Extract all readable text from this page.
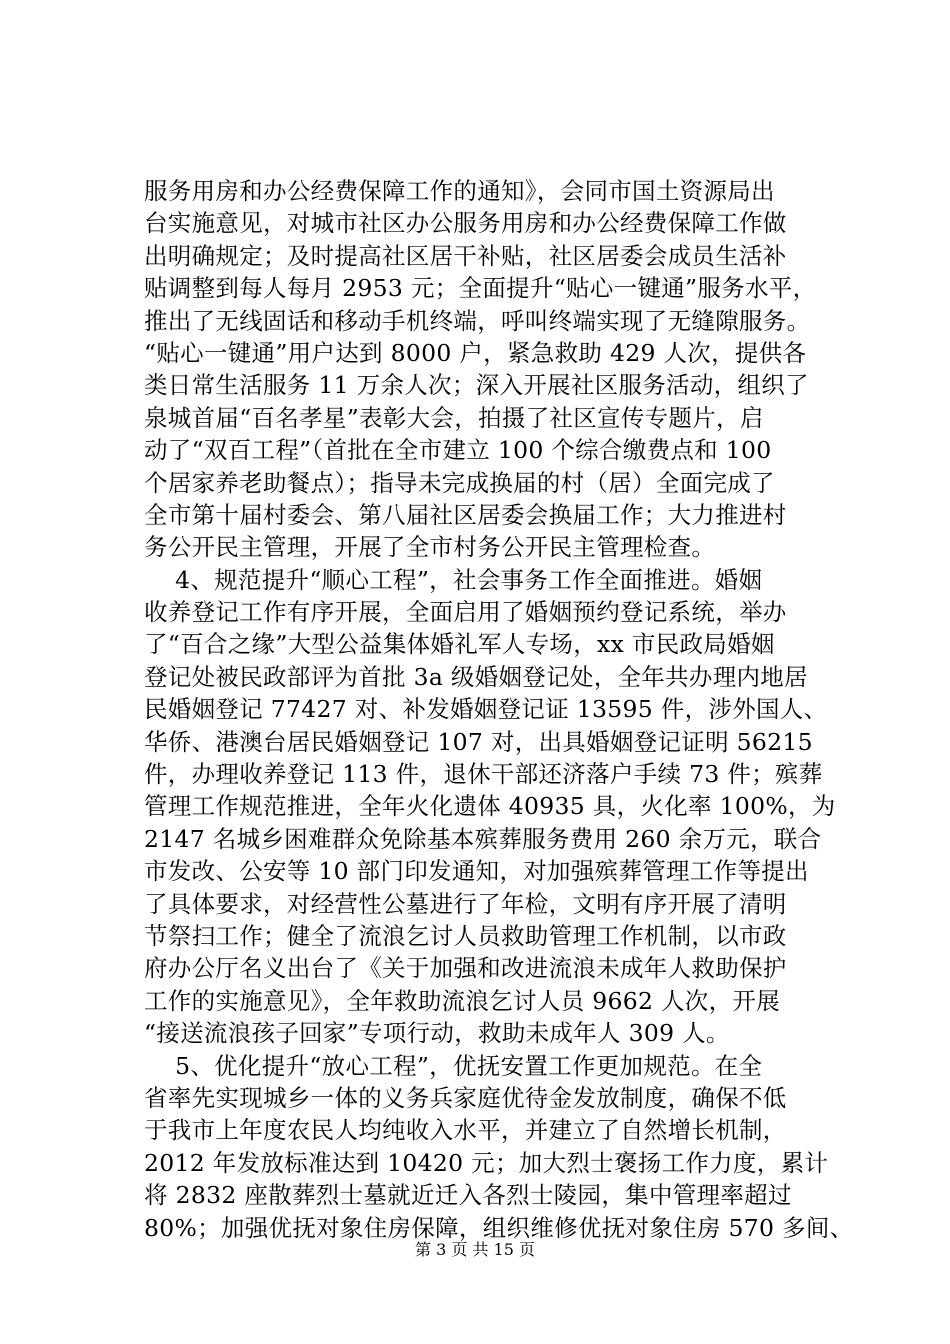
服务用房和办公经费保障工作的通知》，会同市国土资源局出
台实施意见，对城市社区办公服务用房和办公经费保障工作做
出明确规定；及时提高社区居干补贴，社区居委会成员生活补
贴调整到每人每月 2953 元；全面提升“贴心一键通”服务水平，
推出了无线固话和移动手机终端，呼叫终端实现了无缝隙服务。
“贴心一键通”用户达到 8000 户，紧急救助 429 人次，提供各
类日常生活服务 11 万余人次；深入开展社区服务活动，组织了
泉城首届“百名孝星”表彰大会，拍摄了社区宣传专题片，启
动了“双百工程”（首批在全市建立 100 个综合缴费点和 100
个居家养老助餐点）；指导未完成换届的村（居）全面完成了
全市第十届村委会、第八届社区居委会换届工作；大力推进村
务公开民主管理，开展了全市村务公开民主管理检查。
4、规范提升“顺心工程”，社会事务工作全面推进。婚姻
收养登记工作有序开展，全面启用了婚姻预约登记系统，举办
了“百合之缘”大型公益集体婚礼军人专场，xx 市民政局婚姻
登记处被民政部评为首批 3a 级婚姻登记处，全年共办理内地居
民婚姻登记 77427 对、补发婚姻登记证 13595 件，涉外国人、
华侨、港澳台居民婚姻登记 107 对，出具婚姻登记证明 56215
件，办理收养登记 113 件，退休干部还济落户手续 73 件；殡葬
管理工作规范推进，全年火化遗体 40935 具，火化率 100%，为
2147 名城乡困难群众免除基本殡葬服务费用 260 余万元，联合
市发改、公安等 10 部门印发通知，对加强殡葬管理工作等提出
了具体要求，对经营性公墓进行了年检，文明有序开展了清明
节祭扫工作；健全了流浪乞讨人员救助管理工作机制，以市政
府办公厅名义出台了《关于加强和改进流浪未成年人救助保护
工作的实施意见》，全年救助流浪乞讨人员 9662 人次，开展
“接送流浪孩子回家”专项行动，救助未成年人 309 人。
5、优化提升“放心工程”，优抚安置工作更加规范。在全
省率先实现城乡一体的义务兵家庭优待金发放制度，确保不低
于我市上年度农民人均纯收入水平，并建立了自然增长机制，
2012 年发放标准达到 10420 元；加大烈士褒扬工作力度，累计
将 2832 座散葬烈士墓就近迁入各烈士陵园，集中管理率超过
80%；加强优抚对象住房保障，组织维修优抚对象住房 570 多间、
第 3 页 共 15 页
